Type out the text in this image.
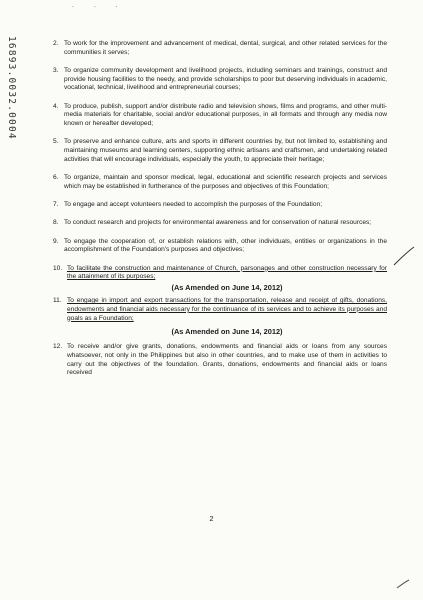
. . .
16893.0032.0004	2. To work for the improvement and advancement of medical, dental, surgical, and other related services for the communities it serves;
3. To organize community development and livelihood projects, including seminars and trainings, construct and provide housing facilities to the needy, and provide scholarships to poor but deserving individuals in academic, vocational, technical, livelihood and entrepreneurial courses;
4. To produce, publish, support and/or distribute radio and television shows, films and programs, and other multi-media materials for charitable, social and/or educational purposes, in all formats and through any media now known or hereafter developed;
5. To preserve and enhance culture, arts and sports in different countries by, but not limited to, establishing and maintaining museums and learning centers, supporting ethnic artisans and craftsmen, and undertaking related activities that will encourage individuals, especially the youth, to appreciate their heritage;
6. To organize, maintain and sponsor medical, legal, educational and scientific research projects and services which may be established in furtherance of the purposes and objectives of this Foundation;
7. To engage and accept volunteers needed to accomplish the purposes of the Foundation;
8. To conduct research and projects for environmental awareness and for conservation of natural resources;
9. To engage the cooperation of, or establish relations with, other individuals, entities or organizations in the accomplishment of the Foundation's purposes and objectives;
10. To facilitate the construction and maintenance of Church, parsonages and other construction necessary for the attainment of its purposes;
(As Amended on June 14, 2012)
11. To engage in import and export transactions for the transportation, release and receipt of gifts, donations, endowments and financial aids necessary for the continuance of its services and to achieve its purposes and goals as a Foundation;
(As Amended on June 14, 2012)
12. To receive and/or give grants, donations, endowments and financial aids or loans from any sources whatsoever, not only in the Philippines but also in other countries, and to make use of them in activities to carry out the objectives of the foundation. Grants, donations, endowments and financial aids or loans received
2
